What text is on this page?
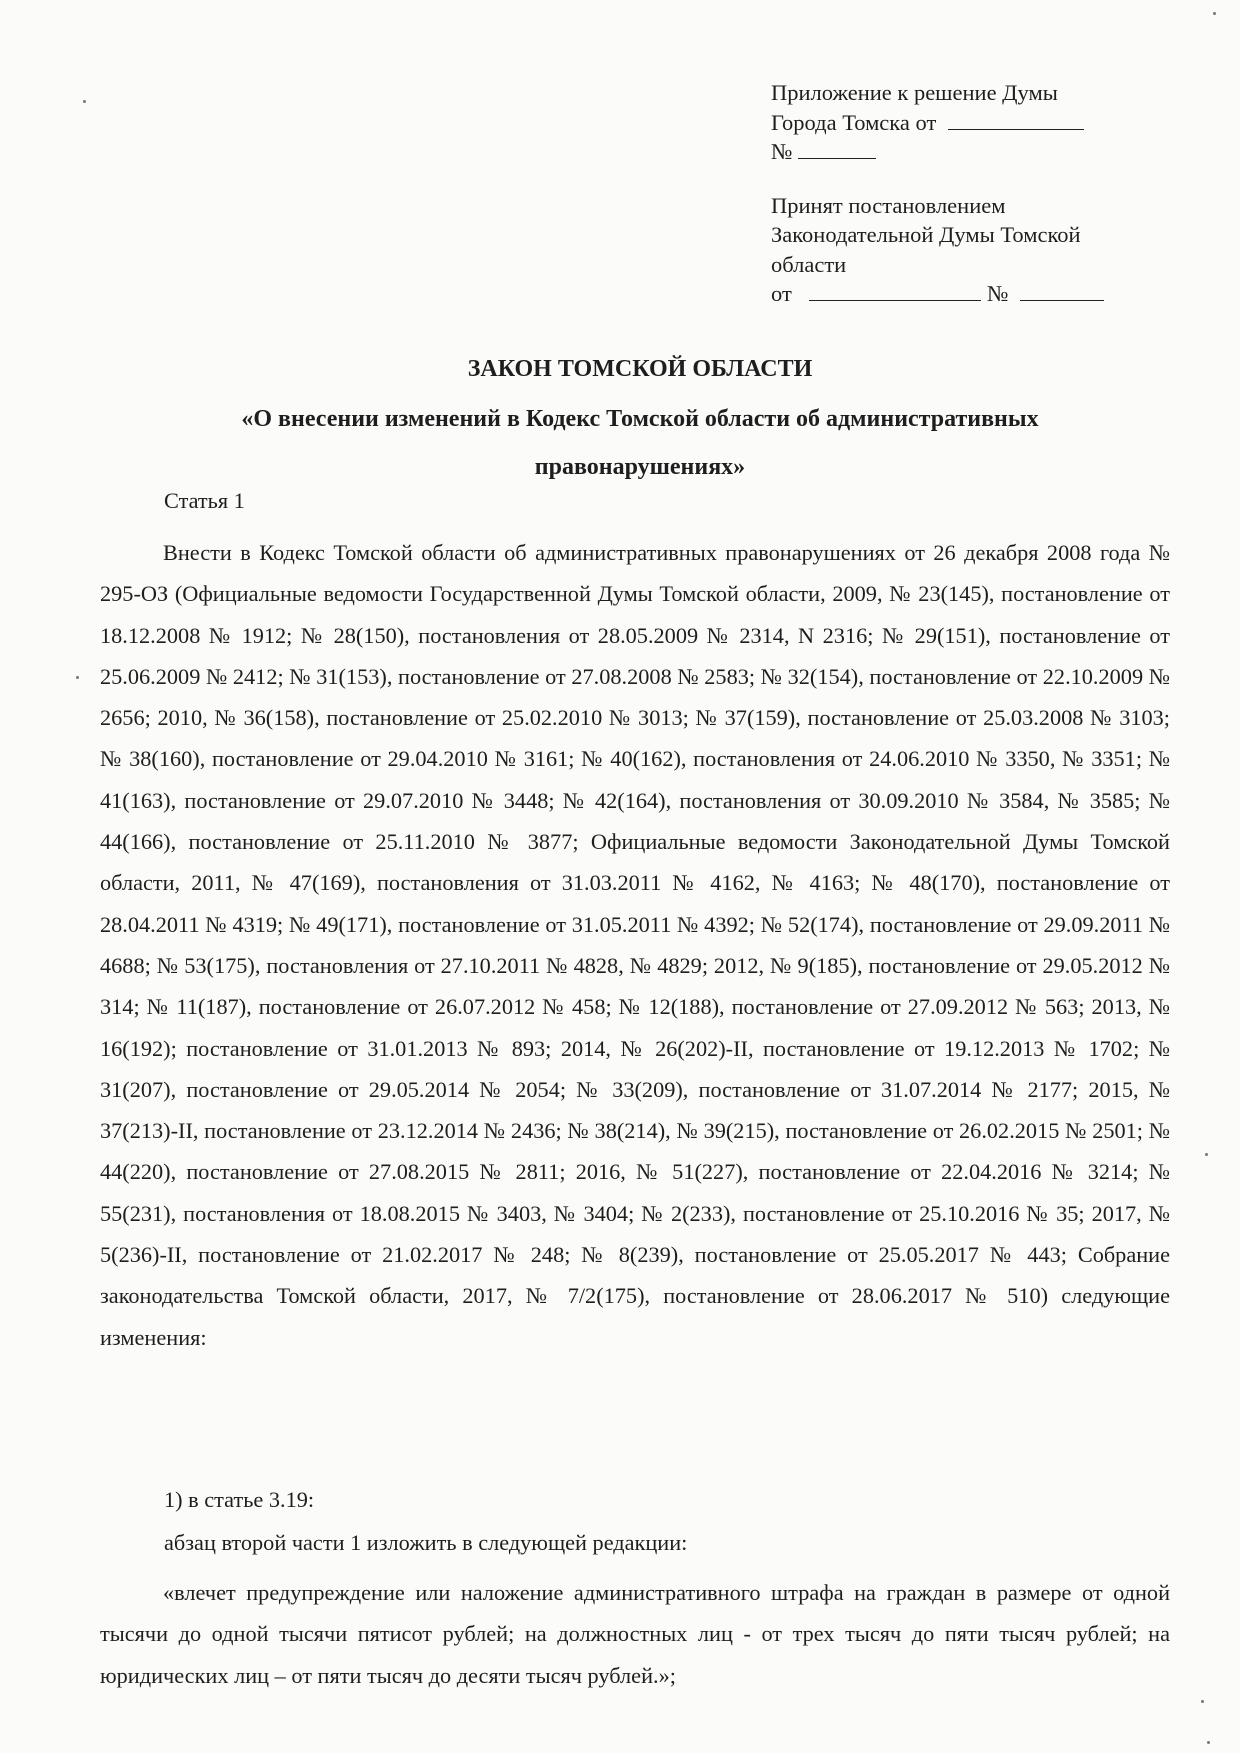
Приложение к решение Думы
Города Томска от
№
Принят постановлением
Законодательной Думы Томской
области
от	№
ЗАКОН ТОМСКОЙ ОБЛАСТИ
«О внесении изменений в Кодекс Томской области об административных
правонарушениях»
Статья 1

Внести в Кодекс Томской области об административных правонарушениях от 26 декабря 2008 года № 295-ОЗ (Официальные ведомости Государственной Думы Томской области, 2009, № 23(145), постановление от 18.12.2008 № 1912; № 28(150), постановления от 28.05.2009 № 2314, N 2316; № 29(151), постановление от 25.06.2009 № 2412; № 31(153), постановление от 27.08.2008 № 2583; № 32(154), постановление от 22.10.2009 № 2656; 2010, № 36(158), постановление от 25.02.2010 № 3013; № 37(159), постановление от 25.03.2008 № 3103; № 38(160), постановление от 29.04.2010 № 3161; № 40(162), постановления от 24.06.2010 № 3350, № 3351; № 41(163), постановление от 29.07.2010 № 3448; № 42(164), постановления от 30.09.2010 № 3584, № 3585; № 44(166), постановление от 25.11.2010 № 3877; Официальные ведомости Законодательной Думы Томской области, 2011, № 47(169), постановления от 31.03.2011 № 4162, № 4163; № 48(170), постановление от 28.04.2011 № 4319; № 49(171), постановление от 31.05.2011 № 4392; № 52(174), постановление от 29.09.2011 № 4688; № 53(175), постановления от 27.10.2011 № 4828, № 4829; 2012, № 9(185), постановление от 29.05.2012 № 314; № 11(187), постановление от 26.07.2012 № 458; № 12(188), постановление от 27.09.2012 № 563; 2013, № 16(192); постановление от 31.01.2013 № 893; 2014, № 26(202)-II, постановление от 19.12.2013 № 1702; № 31(207), постановление от 29.05.2014 № 2054; № 33(209), постановление от 31.07.2014 № 2177; 2015, № 37(213)-II, постановление от 23.12.2014 № 2436; № 38(214), № 39(215), постановление от 26.02.2015 № 2501; № 44(220), постановление от 27.08.2015 № 2811; 2016, № 51(227), постановление от 22.04.2016 № 3214; № 55(231), постановления от 18.08.2015 № 3403, № 3404; № 2(233), постановление от 25.10.2016 № 35; 2017, № 5(236)-II, постановление от 21.02.2017 № 248; № 8(239), постановление от 25.05.2017 № 443; Собрание законодательства Томской области, 2017, № 7/2(175), постановление от 28.06.2017 № 510) следующие изменения:

1) в статье 3.19:
абзац второй части 1 изложить в следующей редакции:

«влечет предупреждение или наложение административного штрафа на граждан в размере от одной тысячи до одной тысячи пятисот рублей; на должностных лиц - от трех тысяч до пяти тысяч рублей; на юридических лиц – от пяти тысяч до десяти тысяч рублей.»;
